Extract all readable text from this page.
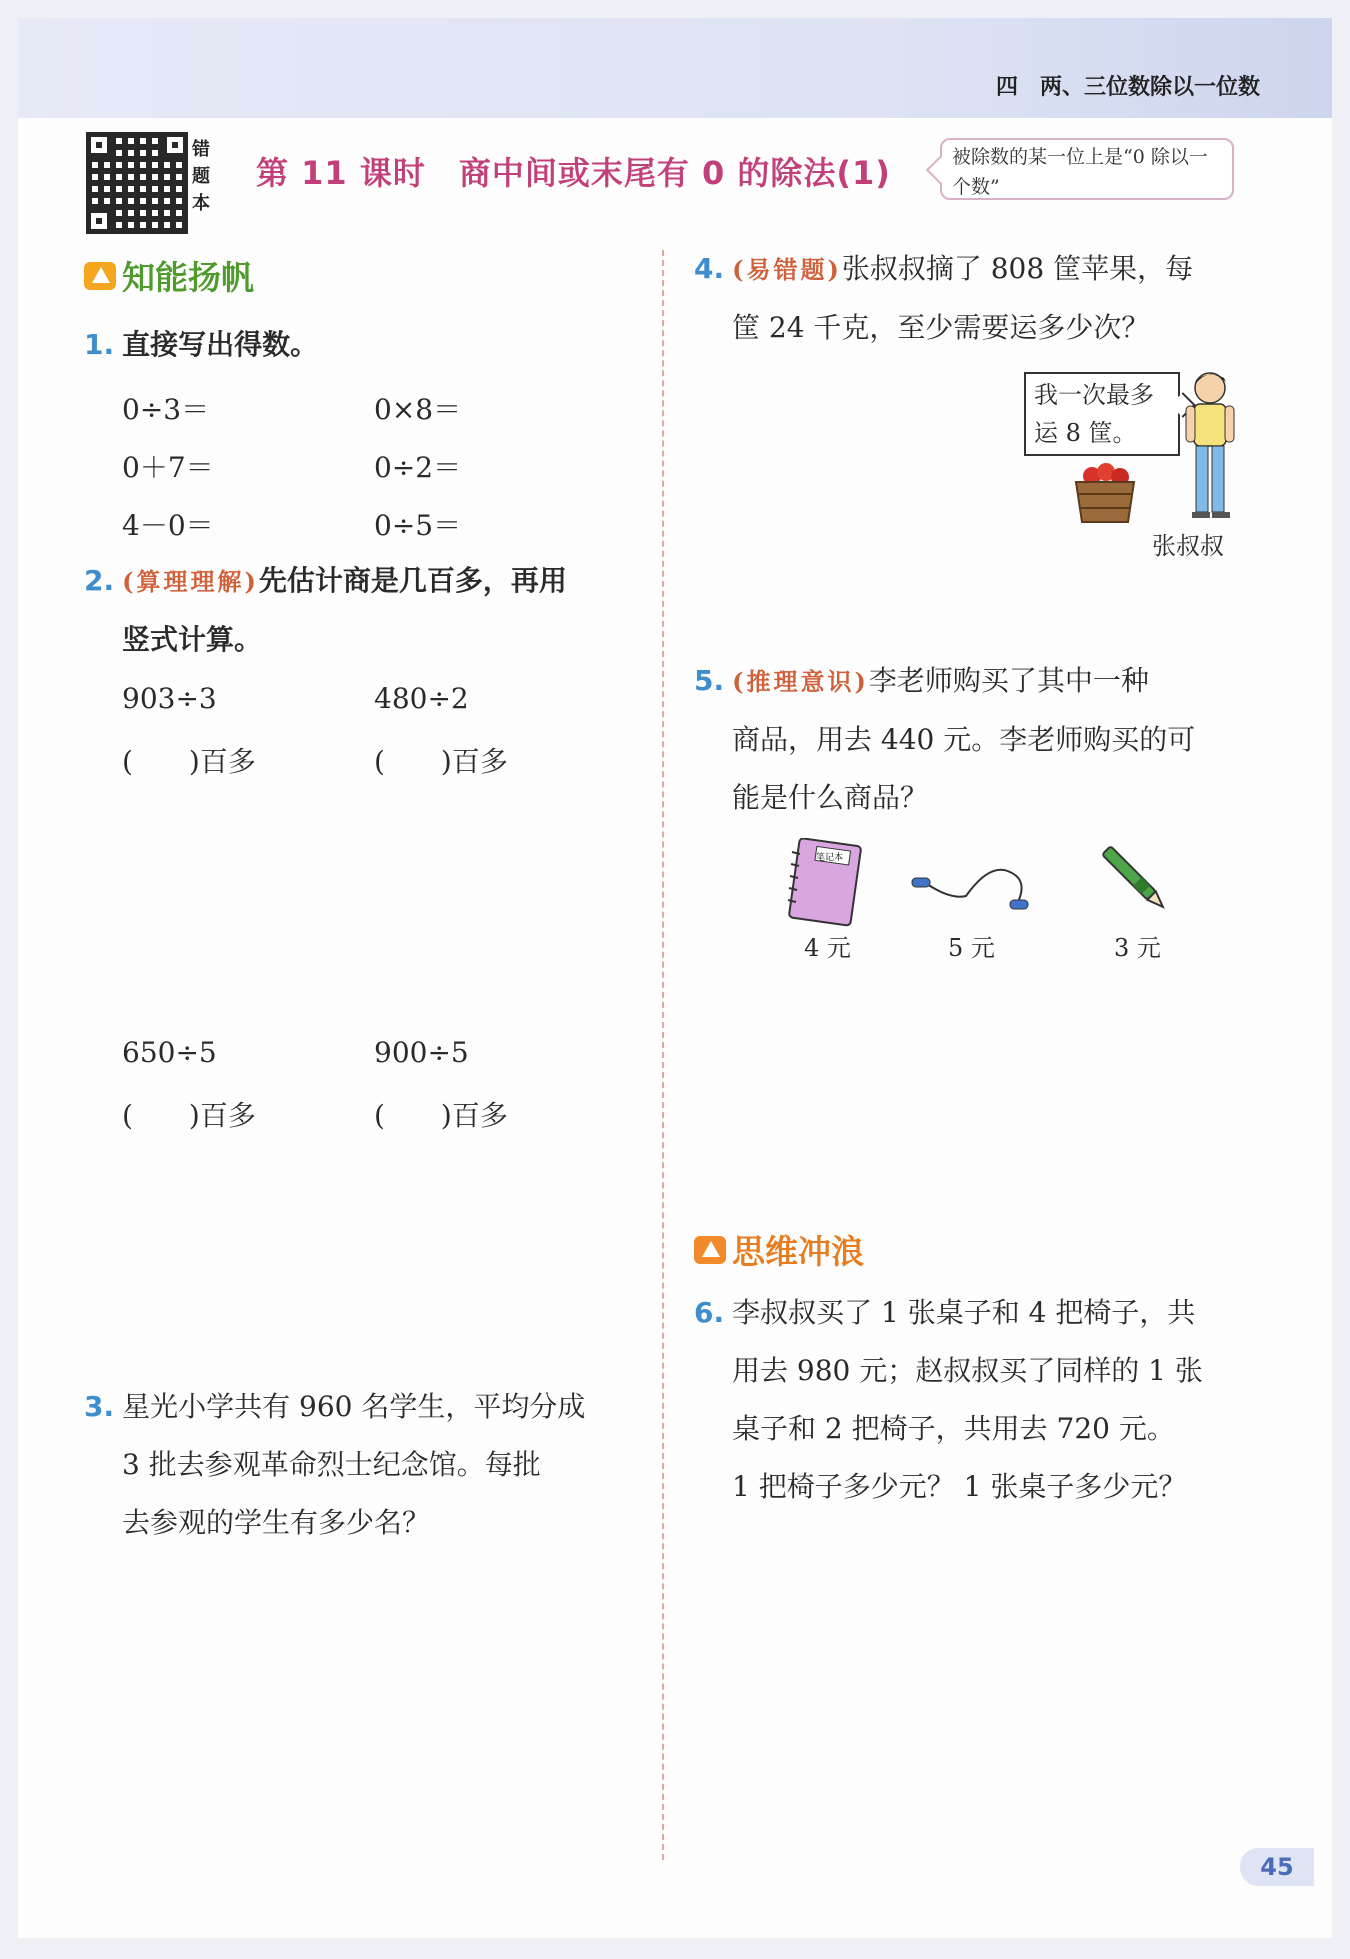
四　两、三位数除以一位数
错题本
第 11 课时　商中间或末尾有 0 的除法(1)	被除数的某一位上是“0 除以一个数”
知能扬帆
1. 直接写出得数。
0÷3＝	0×8＝
0＋7＝	0÷2＝
4－0＝	0÷5＝
2. (算理理解)先估计商是几百多，再用
竖式计算。
903÷3	480÷2
(　　)百多	(　　)百多
650÷5	900÷5
(　　)百多	(　　)百多
3. 星光小学共有 960 名学生，平均分成
3 批去参观革命烈士纪念馆。每批
去参观的学生有多少名？
4. (易错题)张叔叔摘了 808 筐苹果，每
筐 24 千克，至少需要运多少次？
我一次最多
运 8 筐。
张叔叔
5. (推理意识)李老师购买了其中一种
商品，用去 440 元。李老师购买的可
能是什么商品？
笔记本
4 元	5 元	3 元
思维冲浪
6. 李叔叔买了 1 张桌子和 4 把椅子，共
用去 980 元；赵叔叔买了同样的 1 张
桌子和 2 把椅子，共用去 720 元。
1 把椅子多少元？ 1 张桌子多少元？
45
